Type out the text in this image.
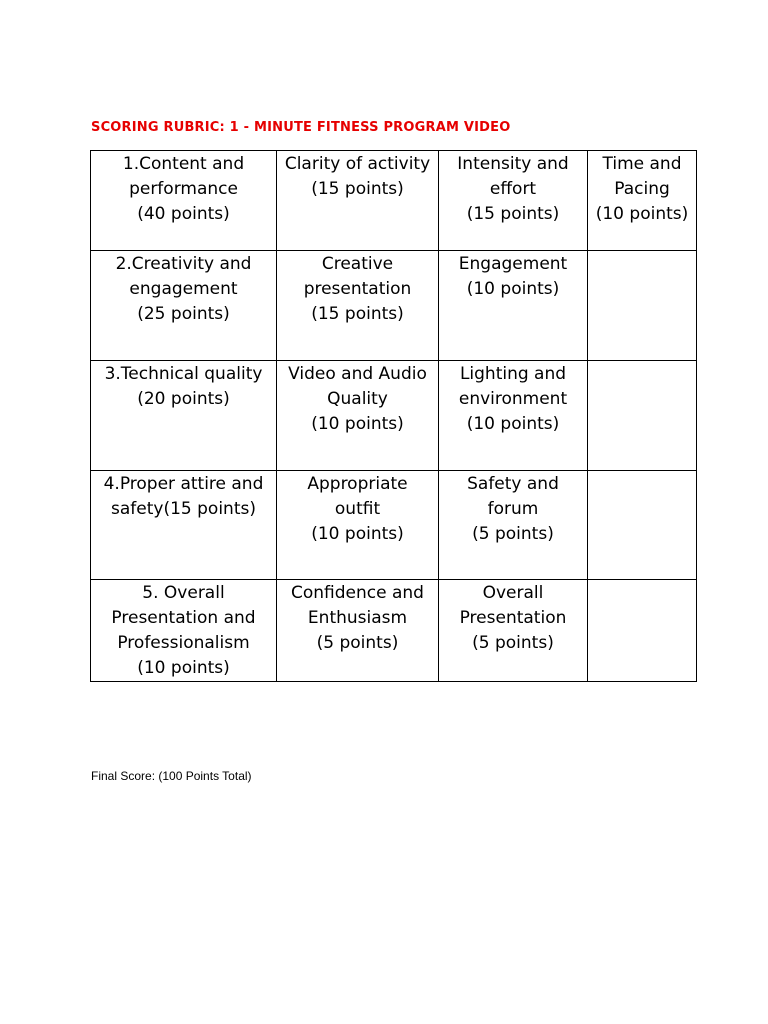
SCORING RUBRIC: 1 - MINUTE FITNESS PROGRAM VIDEO
1.Content and
performance
(40 points)	Clarity of activity
(15 points)	Intensity and
effort
(15 points)	Time and
Pacing
(10 points)

2.Creativity and
engagement
(25 points)	Creative
presentation
(15 points)	Engagement
(10 points)	

3.Technical quality
(20 points)	Video and Audio
Quality
(10 points)	Lighting and
environment
(10 points)	

4.Proper attire and
safety(15 points)	Appropriate
outfit
(10 points)	Safety and
forum
(5 points)	

5. Overall
Presentation and
Professionalism
(10 points)	Confidence and
Enthusiasm
(5 points)	Overall
Presentation
(5 points)	

Final Score: (100 Points Total)
